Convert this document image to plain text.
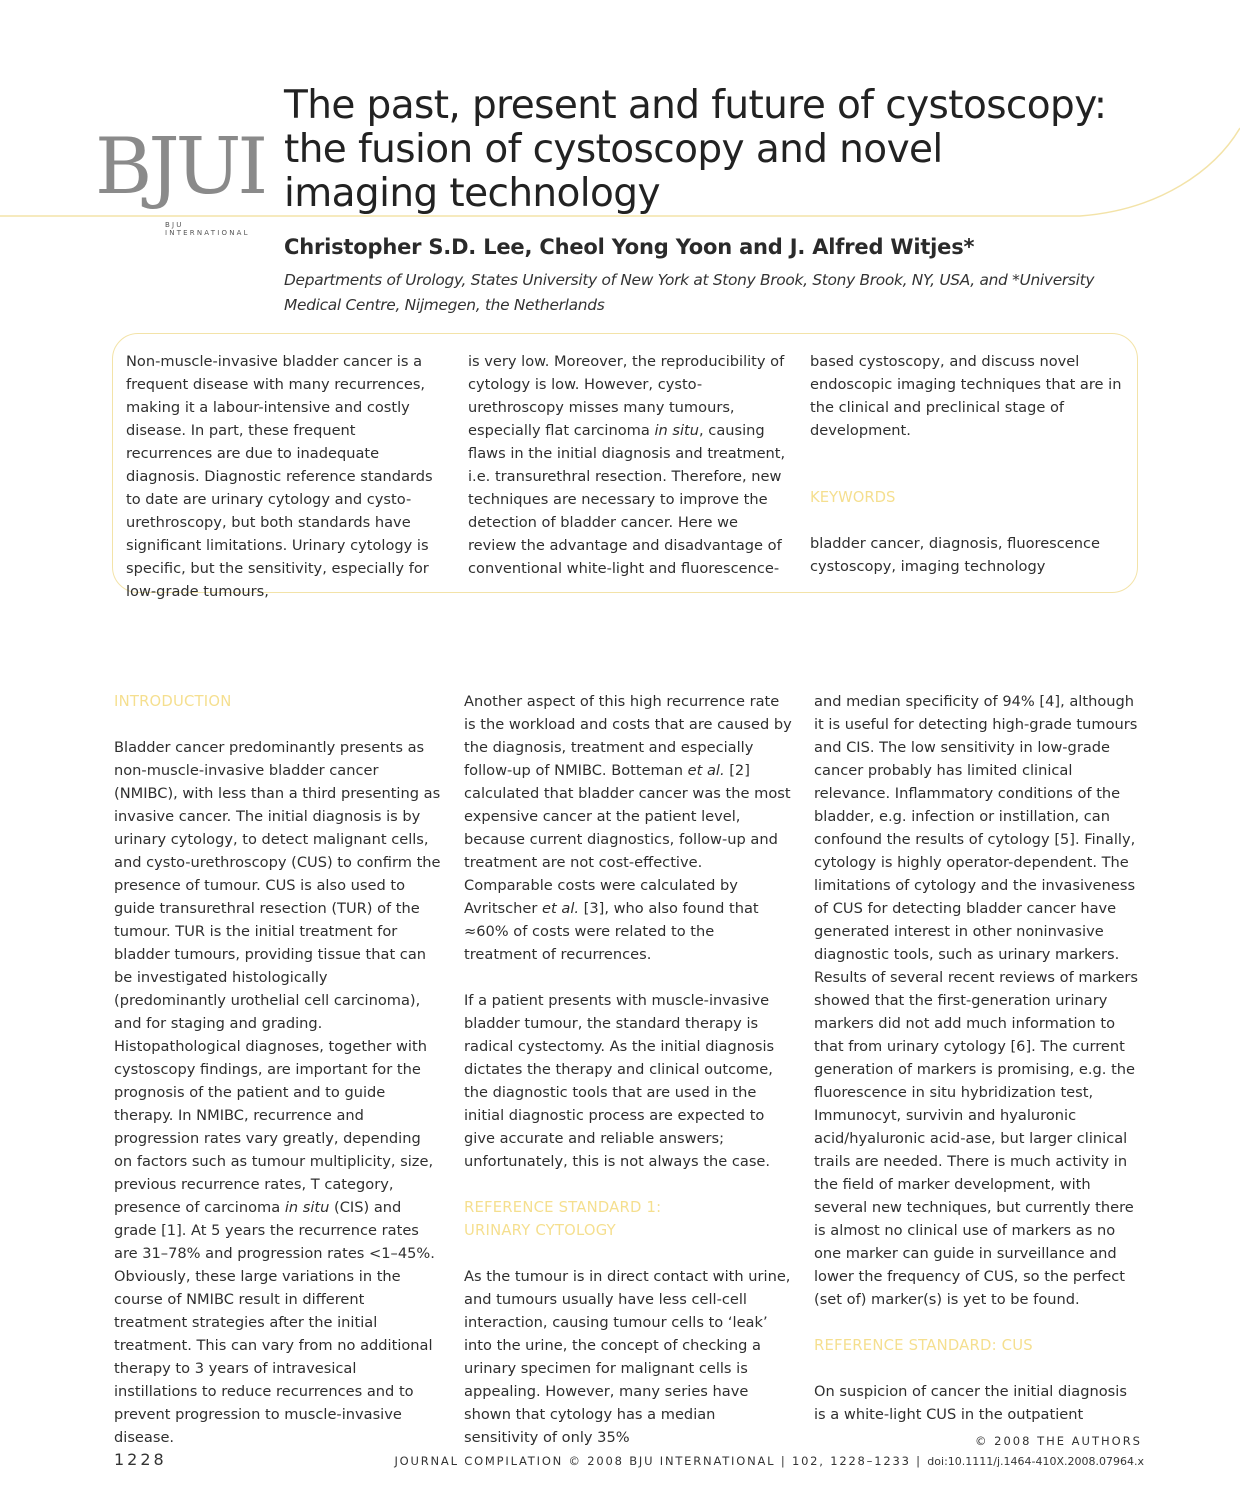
BJUI
BJU INTERNATIONAL
The past, present and future of cystoscopy:
the fusion of cystoscopy and novel
imaging technology

Christopher S.D. Lee, Cheol Yong Yoon and J. Alfred Witjes*

Departments of Urology, States University of New York at Stony Brook, Stony Brook, NY, USA, and *University Medical Centre, Nijmegen, the Netherlands

Non-muscle-invasive bladder cancer is a frequent disease with many recurrences, making it a labour-intensive and costly disease. In part, these frequent recurrences are due to inadequate diagnosis. Diagnostic reference standards to date are urinary cytology and cysto-urethroscopy, but both standards have significant limitations. Urinary cytology is specific, but the sensitivity, especially for low-grade tumours,

is very low. Moreover, the reproducibility of cytology is low. However, cysto-urethroscopy misses many tumours, especially flat carcinoma in situ, causing flaws in the initial diagnosis and treatment, i.e. transurethral resection. Therefore, new techniques are necessary to improve the detection of bladder cancer. Here we review the advantage and disadvantage of conventional white-light and fluorescence-

based cystoscopy, and discuss novel endoscopic imaging techniques that are in the clinical and preclinical stage of development.

KEYWORDS

bladder cancer, diagnosis, fluorescence cystoscopy, imaging technology

INTRODUCTION

Bladder cancer predominantly presents as non-muscle-invasive bladder cancer (NMIBC), with less than a third presenting as invasive cancer. The initial diagnosis is by urinary cytology, to detect malignant cells, and cysto-urethroscopy (CUS) to confirm the presence of tumour. CUS is also used to guide transurethral resection (TUR) of the tumour. TUR is the initial treatment for bladder tumours, providing tissue that can be investigated histologically (predominantly urothelial cell carcinoma), and for staging and grading. Histopathological diagnoses, together with cystoscopy findings, are important for the prognosis of the patient and to guide therapy. In NMIBC, recurrence and progression rates vary greatly, depending on factors such as tumour multiplicity, size, previous recurrence rates, T category, presence of carcinoma in situ (CIS) and grade [1]. At 5 years the recurrence rates are 31–78% and progression rates <1–45%. Obviously, these large variations in the course of NMIBC result in different treatment strategies after the initial treatment. This can vary from no additional therapy to 3 years of intravesical instillations to reduce recurrences and to prevent progression to muscle-invasive disease.

Another aspect of this high recurrence rate is the workload and costs that are caused by the diagnosis, treatment and especially follow-up of NMIBC. Botteman et al. [2] calculated that bladder cancer was the most expensive cancer at the patient level, because current diagnostics, follow-up and treatment are not cost-effective. Comparable costs were calculated by Avritscher et al. [3], who also found that ≈60% of costs were related to the treatment of recurrences.

If a patient presents with muscle-invasive bladder tumour, the standard therapy is radical cystectomy. As the initial diagnosis dictates the therapy and clinical outcome, the diagnostic tools that are used in the initial diagnostic process are expected to give accurate and reliable answers; unfortunately, this is not always the case.

REFERENCE STANDARD 1:
URINARY CYTOLOGY

As the tumour is in direct contact with urine, and tumours usually have less cell-cell interaction, causing tumour cells to ‘leak’ into the urine, the concept of checking a urinary specimen for malignant cells is appealing. However, many series have shown that cytology has a median sensitivity of only 35%

and median specificity of 94% [4], although it is useful for detecting high-grade tumours and CIS. The low sensitivity in low-grade cancer probably has limited clinical relevance. Inflammatory conditions of the bladder, e.g. infection or instillation, can confound the results of cytology [5]. Finally, cytology is highly operator-dependent. The limitations of cytology and the invasiveness of CUS for detecting bladder cancer have generated interest in other noninvasive diagnostic tools, such as urinary markers. Results of several recent reviews of markers showed that the first-generation urinary markers did not add much information to that from urinary cytology [6]. The current generation of markers is promising, e.g. the fluorescence in situ hybridization test, Immunocyt, survivin and hyaluronic acid/hyaluronic acid-ase, but larger clinical trails are needed. There is much activity in the field of marker development, with several new techniques, but currently there is almost no clinical use of markers as no one marker can guide in surveillance and lower the frequency of CUS, so the perfect (set of) marker(s) is yet to be found.

REFERENCE STANDARD: CUS

On suspicion of cancer the initial diagnosis is a white-light CUS in the outpatient

© 2008 THE AUTHORS
1228	JOURNAL COMPILATION © 2008 BJU INTERNATIONAL | 102, 1228–1233 | doi:10.1111/j.1464-410X.2008.07964.x
